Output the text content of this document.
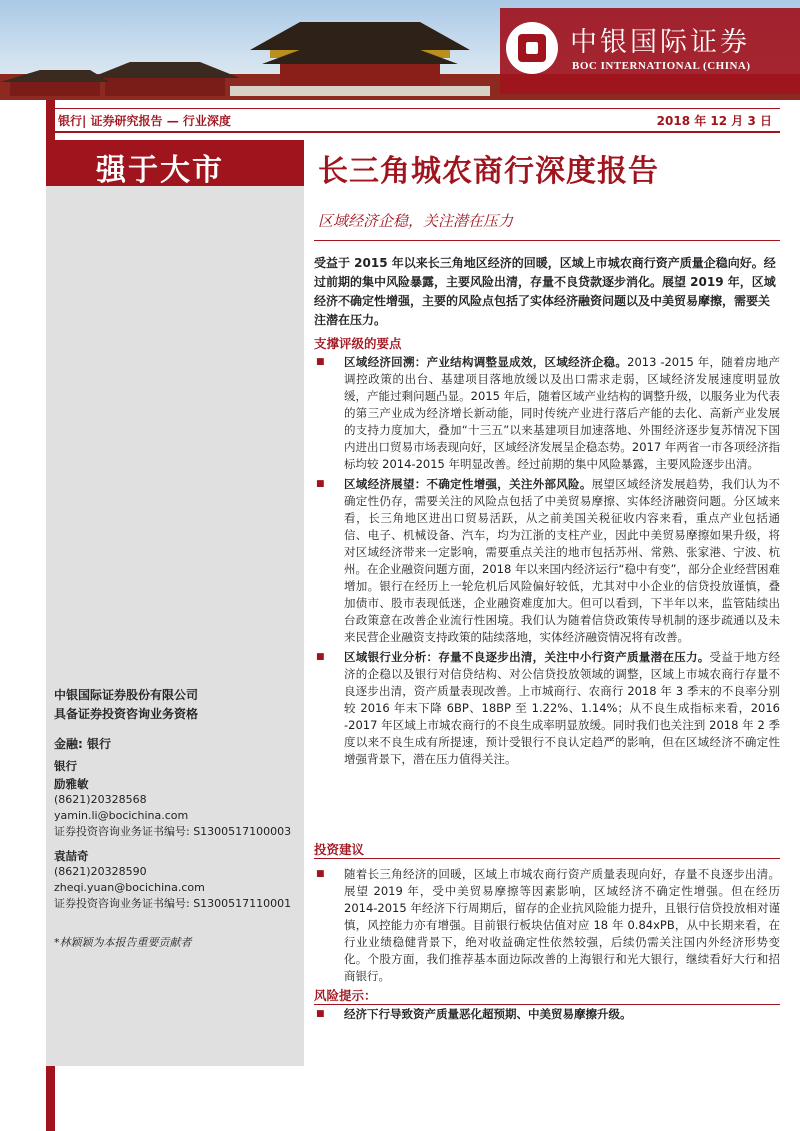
中银国际证券
BOC INTERNATIONAL (CHINA)
银行| 证券研究报告 — 行业深度	2018 年 12 月 3 日
强于大市
中银国际证券股份有限公司
具备证券投资咨询业务资格
金融: 银行
银行
励雅敏
(8621)20328568
yamin.li@bocichina.com
证券投资咨询业务证书编号: S1300517100003
袁喆奇
(8621)20328590
zheqi.yuan@bocichina.com
证券投资咨询业务证书编号: S1300517110001
*林颖颖为本报告重要贡献者
长三角城农商行深度报告
区域经济企稳，关注潜在压力

受益于 2015 年以来长三角地区经济的回暖，区域上市城农商行资产质量企稳向好。经过前期的集中风险暴露，主要风险出清，存量不良贷款逐步消化。展望 2019 年，区域经济不确定性增强，主要的风险点包括了实体经济融资问题以及中美贸易摩擦，需要关注潜在压力。

支撑评级的要点
■ 区域经济回溯：产业结构调整显成效，区域经济企稳。2013 -2015 年，随着房地产调控政策的出台、基建项目落地放缓以及出口需求走弱，区域经济发展速度明显放缓，产能过剩问题凸显。2015 年后，随着区域产业结构的调整升级，以服务业为代表的第三产业成为经济增长新动能，同时传统产业进行落后产能的去化、高新产业发展的支持力度加大，叠加“十三五”以来基建项目加速落地、外围经济逐步复苏情况下国内进出口贸易市场表现向好，区域经济发展呈企稳态势。2017 年两省一市各项经济指标均较 2014-2015 年明显改善。经过前期的集中风险暴露，主要风险逐步出清。
■ 区域经济展望：不确定性增强，关注外部风险。展望区域经济发展趋势，我们认为不确定性仍存，需要关注的风险点包括了中美贸易摩擦、实体经济融资问题。分区域来看，长三角地区进出口贸易活跃，从之前美国关税征收内容来看，重点产业包括通信、电子、机械设备、汽车，均为江浙的支柱产业，因此中美贸易摩擦如果升级，将对区域经济带来一定影响，需要重点关注的地市包括苏州、常熟、张家港、宁波、杭州。在企业融资问题方面，2018 年以来国内经济运行“稳中有变”，部分企业经营困难增加。银行在经历上一轮危机后风险偏好较低，尤其对中小企业的信贷投放谨慎，叠加债市、股市表现低迷，企业融资难度加大。但可以看到，下半年以来，监管陆续出台政策意在改善企业流行性困境。我们认为随着信贷政策传导机制的逐步疏通以及未来民营企业融资支持政策的陆续落地，实体经济融资情况将有改善。
■ 区域银行业分析：存量不良逐步出清，关注中小行资产质量潜在压力。受益于地方经济的企稳以及银行对信贷结构、对公信贷投放领域的调整，区域上市城农商行存量不良逐步出清，资产质量表现改善。上市城商行、农商行 2018 年 3 季末的不良率分别较 2016 年末下降 6BP、18BP 至 1.22%、1.14%；从不良生成指标来看，2016 -2017 年区域上市城农商行的不良生成率明显放缓。同时我们也关注到 2018 年 2 季度以来不良生成有所提速，预计受银行不良认定趋严的影响，但在区域经济不确定性增强背景下，潜在压力值得关注。
投资建议
■ 随着长三角经济的回暖，区域上市城农商行资产质量表现向好，存量不良逐步出清。展望 2019 年，受中美贸易摩擦等因素影响，区域经济不确定性增强。但在经历 2014-2015 年经济下行周期后，留存的企业抗风险能力提升，且银行信贷投放相对谨慎，风控能力亦有增强。目前银行板块估值对应 18 年 0.84xPB，从中长期来看，在行业业绩稳健背景下，绝对收益确定性依然较强，后续仍需关注国内外经济形势变化。个股方面，我们推荐基本面边际改善的上海银行和光大银行，继续看好大行和招商银行。
风险提示：
■ 经济下行导致资产质量恶化超预期、中美贸易摩擦升级。
